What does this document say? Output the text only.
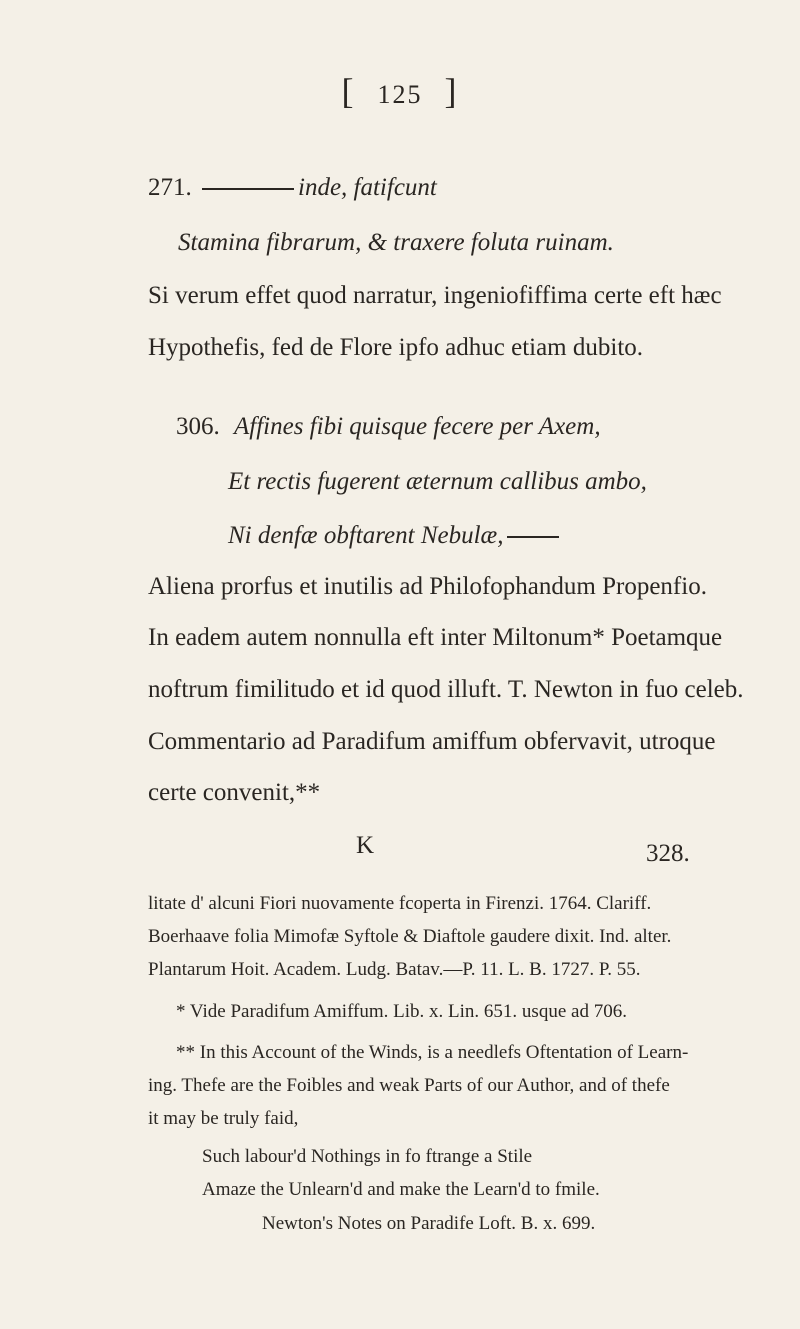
[ 125 ]
271.	inde, fatifcunt
Stamina fibrarum, & traxere foluta ruinam.
Si verum effet quod narratur, ingeniofiffima certe eft hæc
Hypothefis, fed de Flore ipfo adhuc etiam dubito.
306. Affines fibi quisque fecere per Axem,
Et rectis fugerent æternum callibus ambo,
Ni denfæ obftarent Nebulæ,
Aliena prorfus et inutilis ad Philofophandum Propenfio.
In eadem autem nonnulla eft inter Miltonum* Poetamque
noftrum fimilitudo et id quod illuft. T. Newton in fuo celeb.
Commentario ad Paradifum amiffum obfervavit, utroque
certe convenit,**
K	328.
litate d' alcuni Fiori nuovamente fcoperta in Firenzi. 1764. Clariff.
Boerhaave folia Mimofæ Syftole & Diaftole gaudere dixit. Ind. alter.
Plantarum Hoit. Academ. Ludg. Batav.—P. 11. L. B. 1727. P. 55.
* Vide Paradifum Amiffum. Lib. x. Lin. 651. usque ad 706.
** In this Account of the Winds, is a needlefs Oftentation of Learn-
ing. Thefe are the Foibles and weak Parts of our Author, and of thefe
it may be truly faid,
Such labour'd Nothings in fo ftrange a Stile
Amaze the Unlearn'd and make the Learn'd to fmile.
Newton's Notes on Paradife Loft. B. x. 699.
